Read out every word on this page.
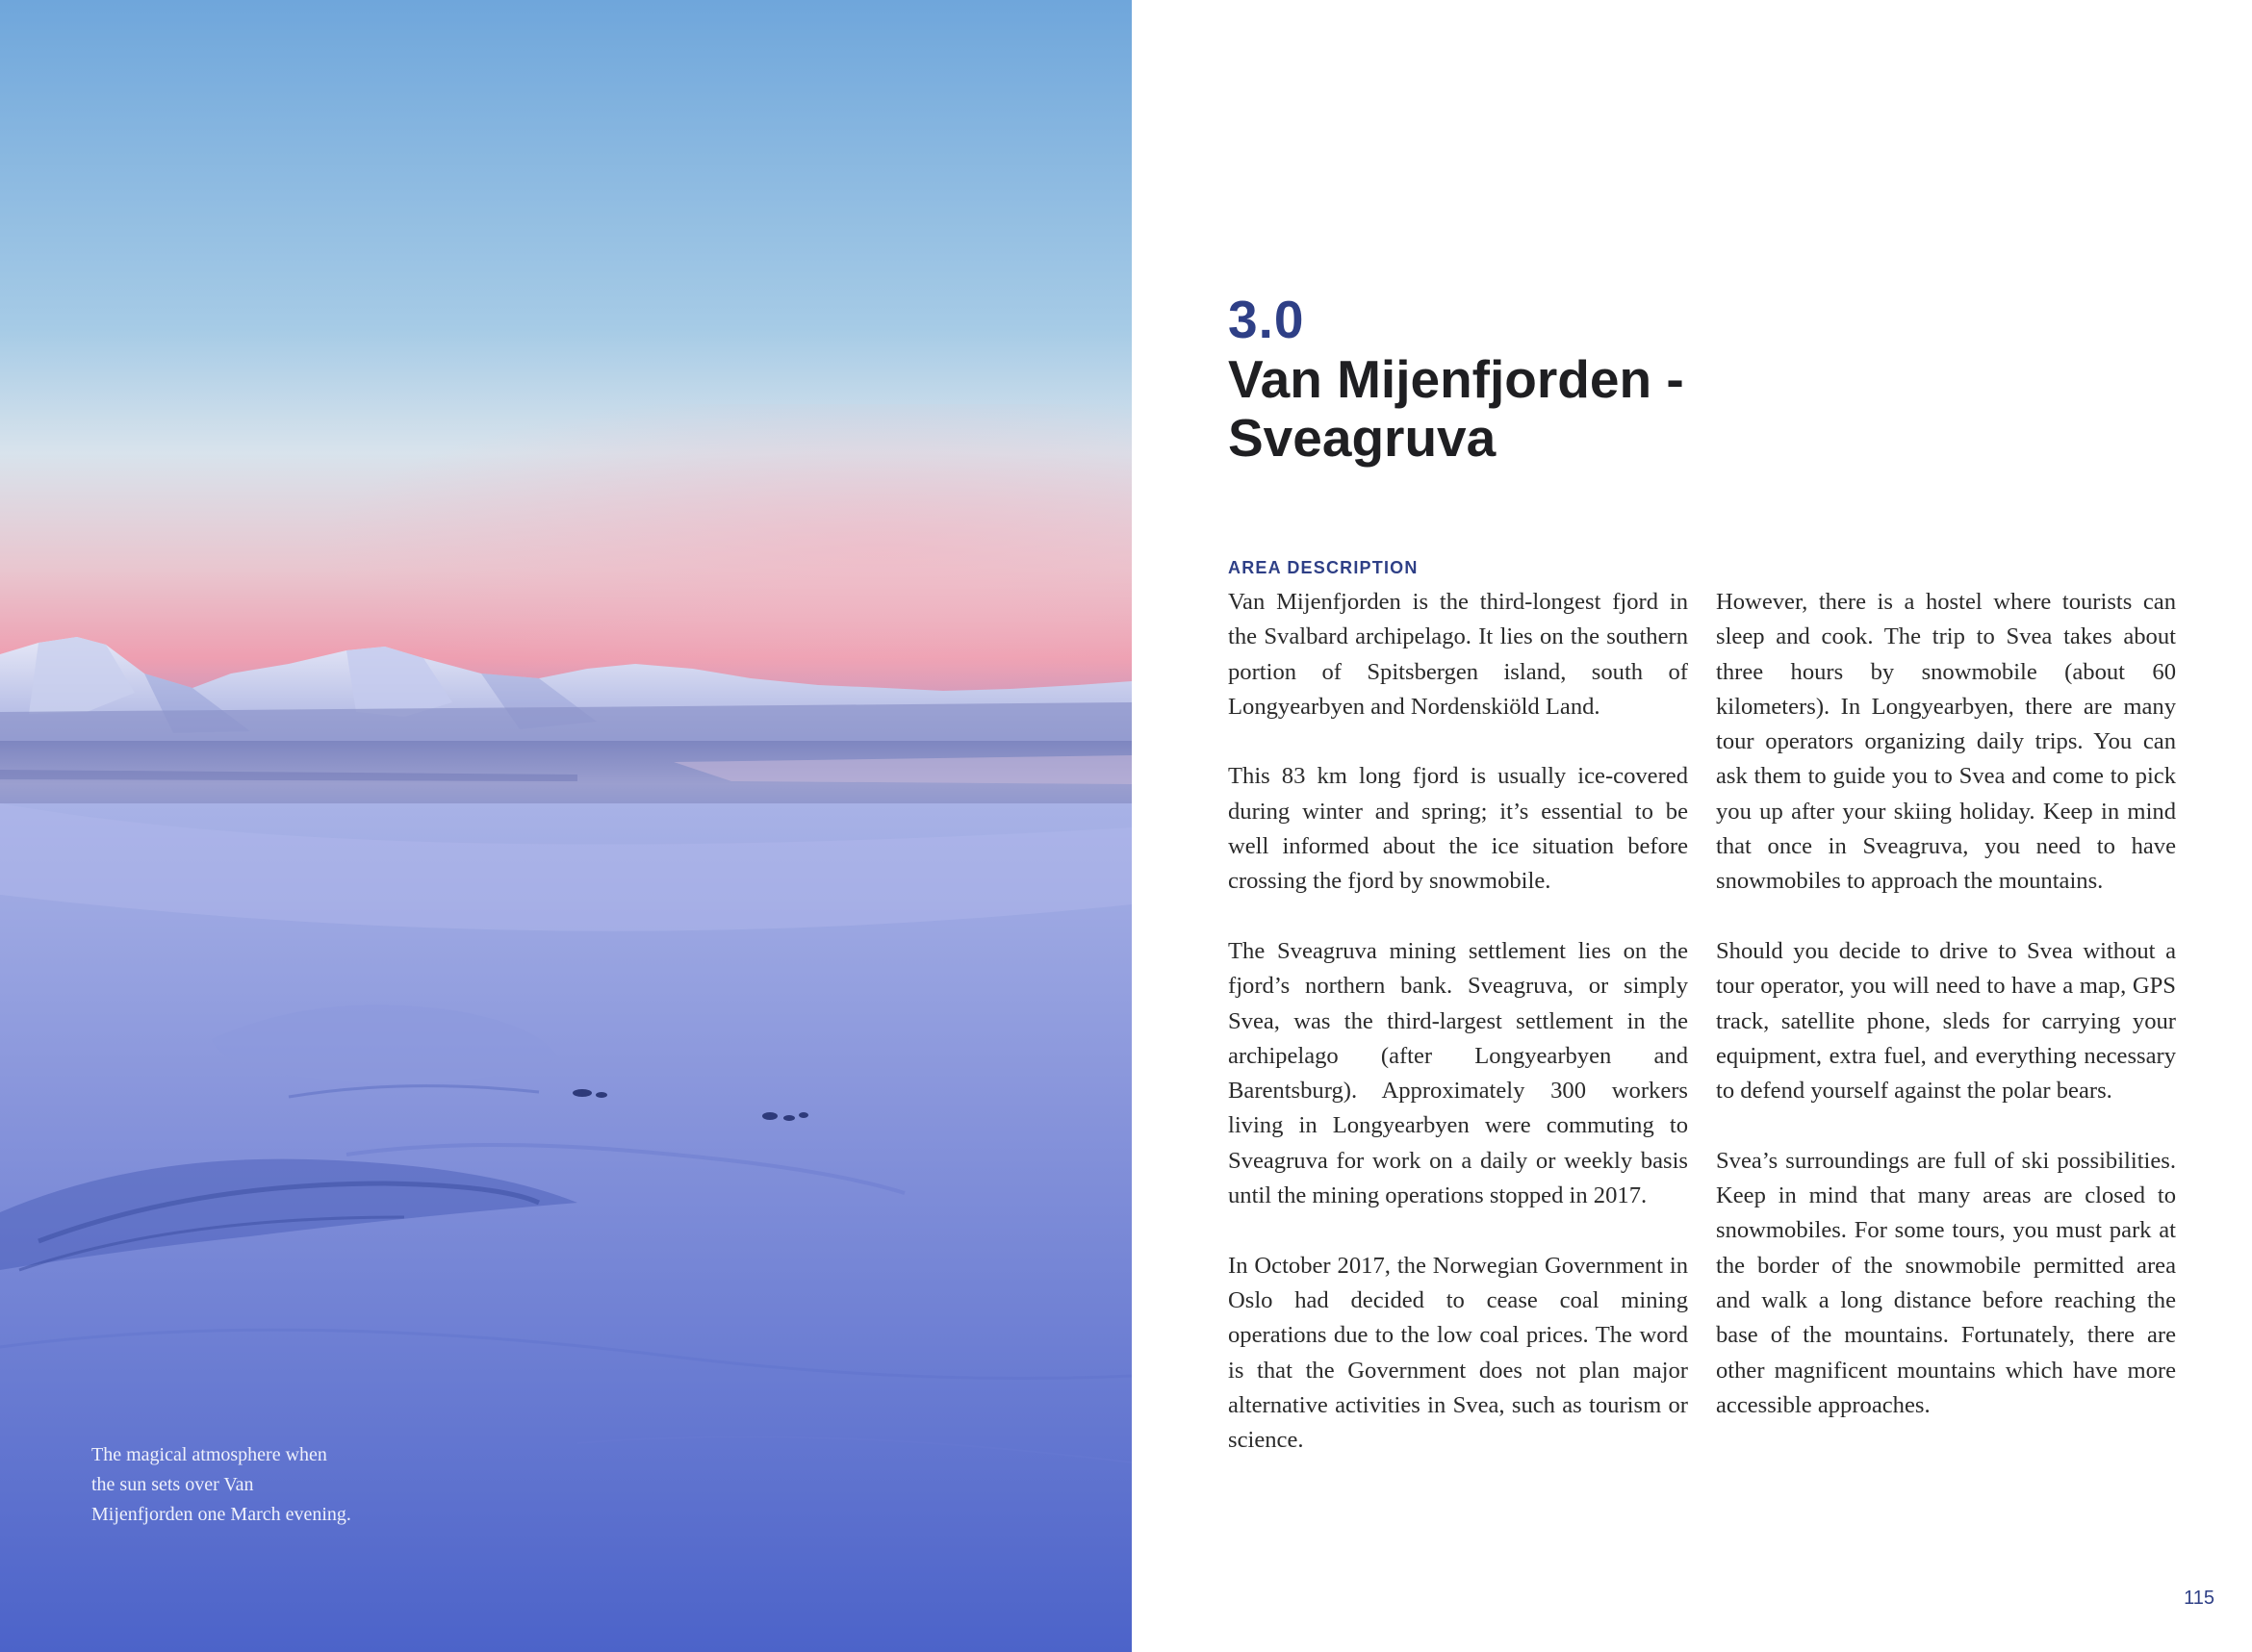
The magical atmosphere when the sun sets over Van Mijenfjorden one March evening.

3.0
Van Mijenfjorden - Sveagruva
AREA DESCRIPTION

Van Mijenfjorden is the third-longest fjord in the Svalbard archipelago. It lies on the southern portion of Spitsbergen island, south of Longyearbyen and Nordenskiöld Land.

This 83 km long fjord is usually ice-covered during winter and spring; it’s essential to be well informed about the ice situation before crossing the fjord by snowmobile.

The Sveagruva mining settlement lies on the fjord’s northern bank. Sveagruva, or simply Svea, was the third-largest settlement in the archipelago (after Longyearbyen and Barentsburg). Approximately 300 workers living in Longyearbyen were commuting to Sveagruva for work on a daily or weekly basis until the mining operations stopped in 2017.

In October 2017, the Norwegian Government in Oslo had decided to cease coal mining operations due to the low coal prices. The word is that the Government does not plan major alternative activities in Svea, such as tourism or science.

However, there is a hostel where tourists can sleep and cook. The trip to Svea takes about three hours by snowmobile (about 60 kilometers). In Longyearbyen, there are many tour operators organizing daily trips. You can ask them to guide you to Svea and come to pick you up after your skiing holiday. Keep in mind that once in Sveagruva, you need to have snowmobiles to approach the mountains.

Should you decide to drive to Svea without a tour operator, you will need to have a map, GPS track, satellite phone, sleds for carrying your equipment, extra fuel, and everything necessary to defend yourself against the polar bears.

Svea’s surroundings are full of ski possibilities. Keep in mind that many areas are closed to snowmobiles. For some tours, you must park at the border of the snowmobile permitted area and walk a long distance before reaching the base of the mountains. Fortunately, there are other magnificent mountains which have more accessible approaches.

115
